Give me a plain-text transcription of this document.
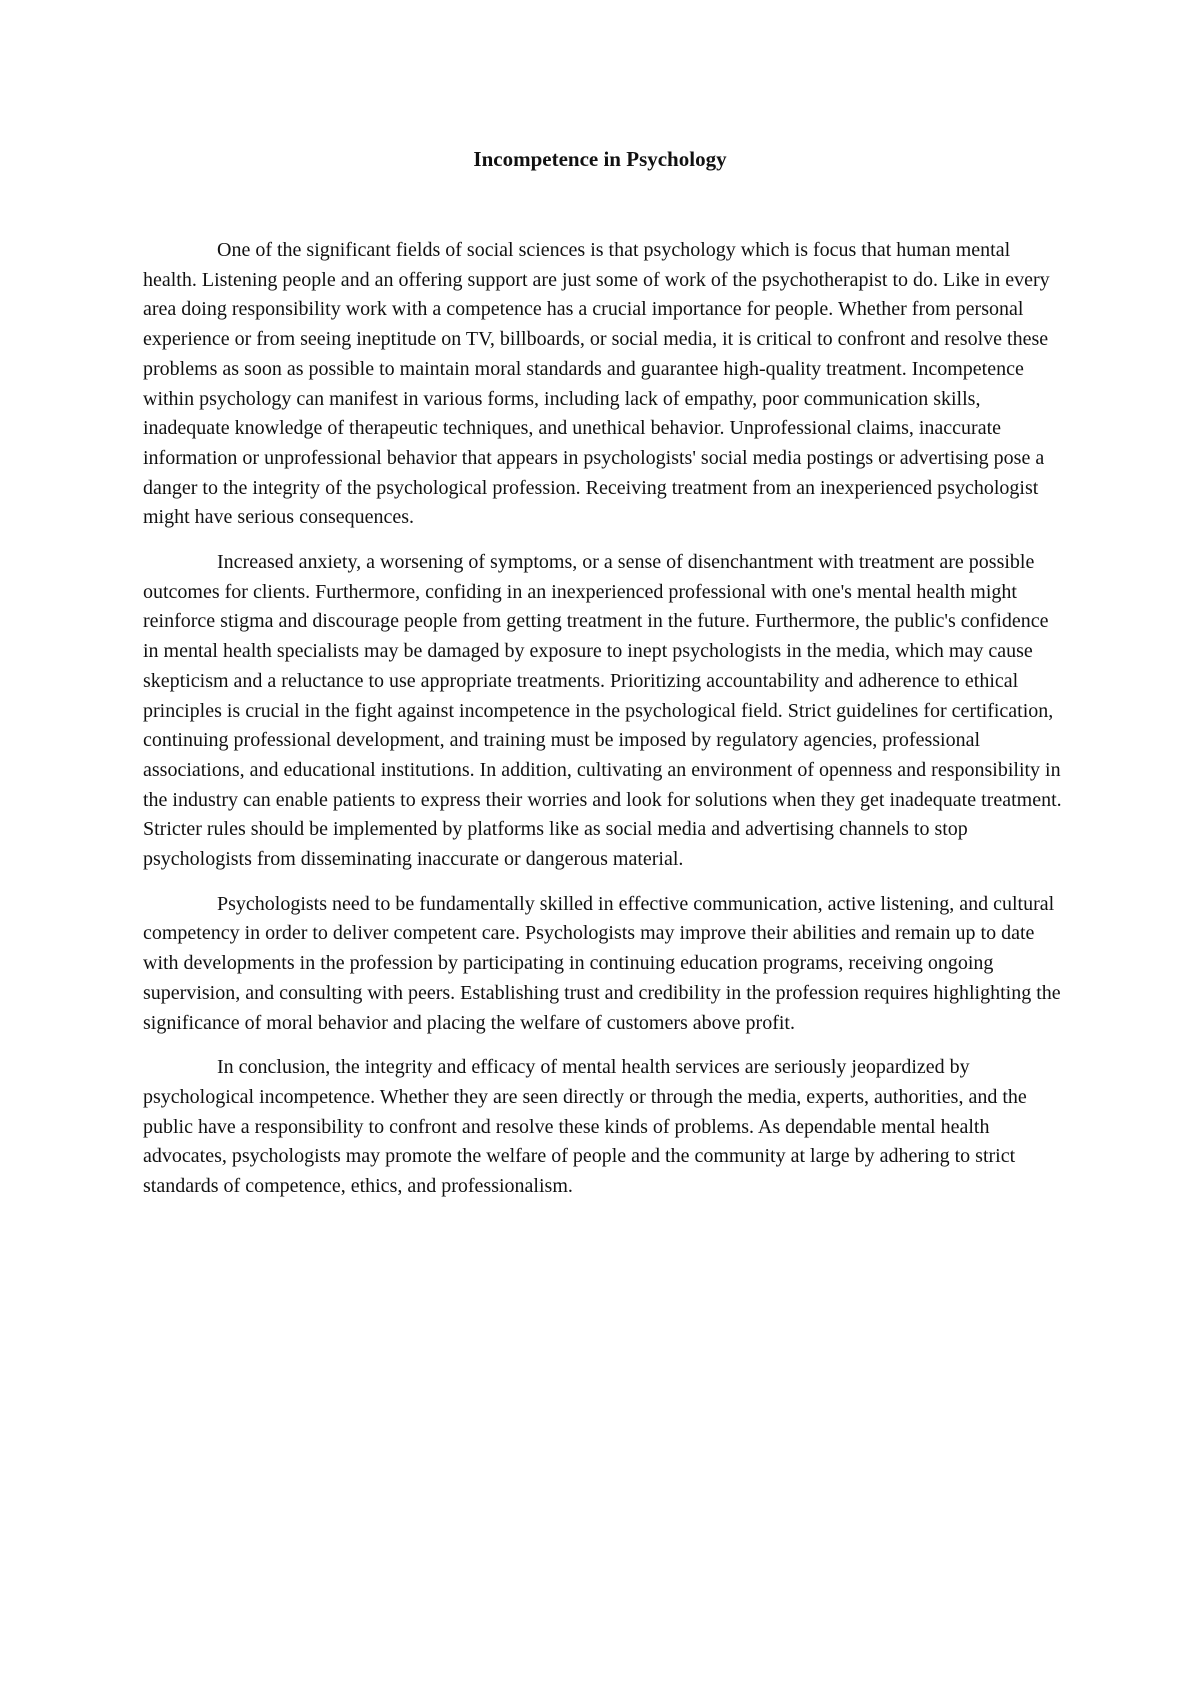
Incompetence in Psychology

One of the significant fields of social sciences is that psychology which is focus that human mental health. Listening people and an offering support are just some of work of the psychotherapist to do. Like in every area doing responsibility work with a competence has a crucial importance for people. Whether from personal experience or from seeing ineptitude on TV, billboards, or social media, it is critical to confront and resolve these problems as soon as possible to maintain moral standards and guarantee high-quality treatment. Incompetence within psychology can manifest in various forms, including lack of empathy, poor communication skills, inadequate knowledge of therapeutic techniques, and unethical behavior. Unprofessional claims, inaccurate information or unprofessional behavior that appears in psychologists' social media postings or advertising pose a danger to the integrity of the psychological profession. Receiving treatment from an inexperienced psychologist might have serious consequences.

Increased anxiety, a worsening of symptoms, or a sense of disenchantment with treatment are possible outcomes for clients. Furthermore, confiding in an inexperienced professional with one's mental health might reinforce stigma and discourage people from getting treatment in the future. Furthermore, the public's confidence in mental health specialists may be damaged by exposure to inept psychologists in the media, which may cause skepticism and a reluctance to use appropriate treatments. Prioritizing accountability and adherence to ethical principles is crucial in the fight against incompetence in the psychological field. Strict guidelines for certification, continuing professional development, and training must be imposed by regulatory agencies, professional associations, and educational institutions. In addition, cultivating an environment of openness and responsibility in the industry can enable patients to express their worries and look for solutions when they get inadequate treatment. Stricter rules should be implemented by platforms like as social media and advertising channels to stop psychologists from disseminating inaccurate or dangerous material.

Psychologists need to be fundamentally skilled in effective communication, active listening, and cultural competency in order to deliver competent care. Psychologists may improve their abilities and remain up to date with developments in the profession by participating in continuing education programs, receiving ongoing supervision, and consulting with peers. Establishing trust and credibility in the profession requires highlighting the significance of moral behavior and placing the welfare of customers above profit.

In conclusion, the integrity and efficacy of mental health services are seriously jeopardized by psychological incompetence. Whether they are seen directly or through the media, experts, authorities, and the public have a responsibility to confront and resolve these kinds of problems. As dependable mental health advocates, psychologists may promote the welfare of people and the community at large by adhering to strict standards of competence, ethics, and professionalism.
